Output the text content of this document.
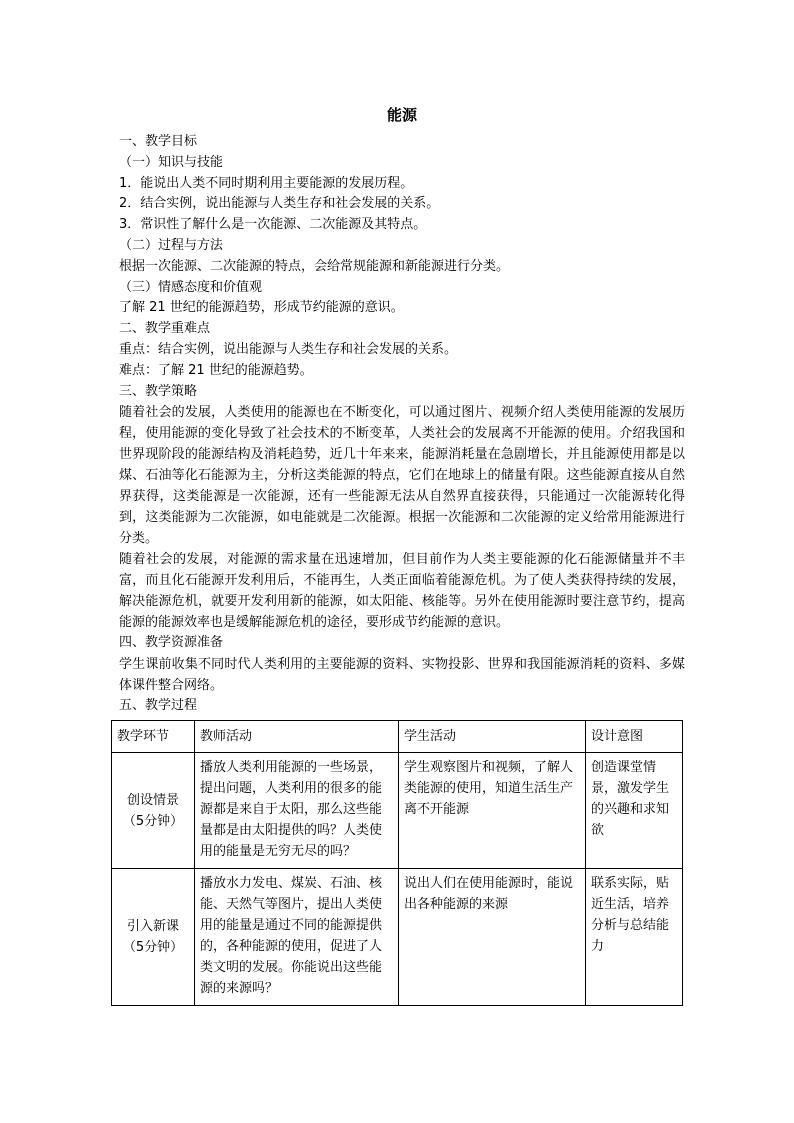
能源

一、教学目标

（一）知识与技能

1．能说出人类不同时期利用主要能源的发展历程。

2．结合实例，说出能源与人类生存和社会发展的关系。

3．常识性了解什么是一次能源、二次能源及其特点。

（二）过程与方法

根据一次能源、二次能源的特点，会给常规能源和新能源进行分类。

（三）情感态度和价值观

了解 21 世纪的能源趋势，形成节约能源的意识。

二、教学重难点

重点：结合实例，说出能源与人类生存和社会发展的关系。

难点：了解 21 世纪的能源趋势。

三、教学策略

随着社会的发展，人类使用的能源也在不断变化，可以通过图片、视频介绍人类使用能源的发展历程，使用能源的变化导致了社会技术的不断变革，人类社会的发展离不开能源的使用。介绍我国和世界现阶段的能源结构及消耗趋势，近几十年来来，能源消耗量在急剧增长，并且能源使用都是以煤、石油等化石能源为主，分析这类能源的特点，它们在地球上的储量有限。这些能源直接从自然界获得，这类能源是一次能源，还有一些能源无法从自然界直接获得，只能通过一次能源转化得到，这类能源为二次能源，如电能就是二次能源。根据一次能源和二次能源的定义给常用能源进行分类。

随着社会的发展，对能源的需求量在迅速增加，但目前作为人类主要能源的化石能源储量并不丰富，而且化石能源开发利用后，不能再生，人类正面临着能源危机。为了使人类获得持续的发展，解决能源危机，就要开发利用新的能源，如太阳能、核能等。另外在使用能源时要注意节约，提高能源的能源效率也是缓解能源危机的途径，要形成节约能源的意识。

四、教学资源准备

学生课前收集不同时代人类利用的主要能源的资料、实物投影、世界和我国能源消耗的资料、多媒体课件整合网络。

五、教学过程

教学环节	教师活动	学生活动	设计意图

创设情景
（5分钟）	播放人类利用能源的一些场景，提出问题，人类利用的很多的能源都是来自于太阳，那么这些能量都是由太阳提供的吗？人类使用的能量是无穷无尽的吗？	学生观察图片和视频，了解人类能源的使用，知道生活生产离不开能源	创造课堂情景，激发学生的兴趣和求知欲

引入新课
（5分钟）	播放水力发电、煤炭、石油、核能、天然气等图片，提出人类使用的能量是通过不同的能源提供的，各种能源的使用，促进了人类文明的发展。你能说出这些能源的来源吗？	说出人们在使用能源时，能说出各种能源的来源	联系实际，贴近生活，培养分析与总结能力
